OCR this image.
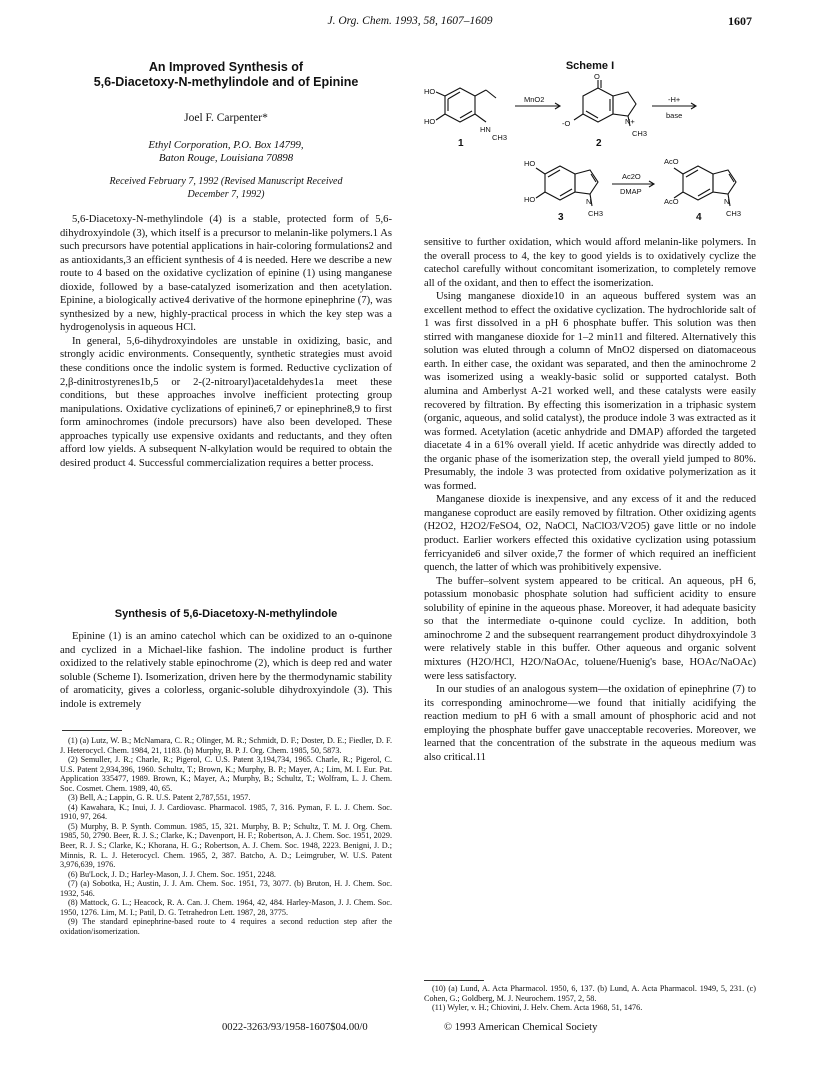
J. Org. Chem. 1993, 58, 1607–1609	1607
An Improved Synthesis of
5,6-Diacetoxy-N-methylindole and of Epinine
Joel F. Carpenter*
Ethyl Corporation, P.O. Box 14799,
Baton Rouge, Louisiana 70898
Received February 7, 1992 (Revised Manuscript Received
December 7, 1992)

5,6-Diacetoxy-N-methylindole (4) is a stable, protected form of 5,6-dihydroxyindole (3), which itself is a precursor to melanin-like polymers.1 As such precursors have potential applications in hair-coloring formulations2 and as antioxidants,3 an efficient synthesis of 4 is needed. Here we describe a new route to 4 based on the oxidative cyclization of epinine (1) using manganese dioxide, followed by a base-catalyzed isomerization and then acetylation. Epinine, a biologically active4 derivative of the hormone epinephrine (7), was synthesized by a new, highly-practical process in which the key step was a hydrogenolysis in aqueous HCl.

In general, 5,6-dihydroxyindoles are unstable in oxidizing, basic, and strongly acidic environments. Consequently, synthetic strategies must avoid these conditions once the indolic system is formed. Reductive cyclization of 2,β-dinitrostyrenes1b,5 or 2-(2-nitroaryl)acetaldehydes1a meet these conditions, but these approaches involve inefficient protecting group manipulations. Oxidative cyclizations of epinine6,7 or epinephrine8,9 to first form aminochromes (indole precursors) have also been developed. These approaches typically use expensive oxidants and reductants, and they often afford low yields. A subsequent N-alkylation would be required to obtain the desired product 4. Successful commercialization requires a better process.

Synthesis of 5,6-Diacetoxy-N-methylindole

Epinine (1) is an amino catechol which can be oxidized to an o-quinone and cyclized in a Michael-like fashion. The indoline product is further oxidized to the relatively stable epinochrome (2), which is deep red and water soluble (Scheme I). Isomerization, driven here by the thermodynamic stability of aromaticity, gives a colorless, organic-soluble dihydroxyindole (3). This indole is extremely

(1) (a) Lutz, W. B.; McNamara, C. R.; Olinger, M. R.; Schmidt, D. F.; Doster, D. E.; Fiedler, D. F. J. Heterocycl. Chem. 1984, 21, 1183. (b) Murphy, B. P. J. Org. Chem. 1985, 50, 5873.

(2) Semuller, J. R.; Charle, R.; Pigerol, C. U.S. Patent 3,194,734, 1965. Charle, R.; Pigerol, C. U.S. Patent 2,934,396, 1960. Schultz, T.; Brown, K.; Murphy, B. P.; Mayer, A.; Lim, M. I. Eur. Pat. Application 335477, 1989. Brown, K.; Mayer, A.; Murphy, B.; Schultz, T.; Wolfram, L. J. Chem. Soc. Cosmet. Chem. 1989, 40, 65.

(3) Bell, A.; Lappin, G. R. U.S. Patent 2,787,551, 1957.

(4) Kawahara, K.; Inui, J. J. Cardiovasc. Pharmacol. 1985, 7, 316. Pyman, F. L. J. Chem. Soc. 1910, 97, 264.

(5) Murphy, B. P. Synth. Commun. 1985, 15, 321. Murphy, B. P.; Schultz, T. M. J. Org. Chem. 1985, 50, 2790. Beer, R. J. S.; Clarke, K.; Davenport, H. F.; Robertson, A. J. Chem. Soc. 1951, 2029. Beer, R. J. S.; Clarke, K.; Khorana, H. G.; Robertson, A. J. Chem. Soc. 1948, 2223. Benigni, J. D.; Minnis, R. L. J. Heterocycl. Chem. 1965, 2, 387. Batcho, A. D.; Leimgruber, W. U.S. Patent 3,976,639, 1976.

(6) Bu'Lock, J. D.; Harley-Mason, J. J. Chem. Soc. 1951, 2248.

(7) (a) Sobotka, H.; Austin, J. J. Am. Chem. Soc. 1951, 73, 3077. (b) Bruton, H. J. Chem. Soc. 1932, 546.

(8) Mattock, G. L.; Heacock, R. A. Can. J. Chem. 1964, 42, 484. Harley-Mason, J. J. Chem. Soc. 1950, 1276. Lim, M. I.; Patil, D. G. Tetrahedron Lett. 1987, 28, 3775.

(9) The standard epinephrine-based route to 4 requires a second reduction step after the oxidation/isomerization.

Scheme I
HO
HO
HN
CH3
1
MnO2
O
-O	N+
CH3
2
-H+
base
HO
HO	N
CH3
3
Ac2O
DMAP
AcO
AcO	N
CH3
4

sensitive to further oxidation, which would afford melanin-like polymers. In the overall process to 4, the key to good yields is to oxidatively cyclize the catechol carefully without concomitant isomerization, to completely remove all of the oxidant, and then to effect the isomerization.

Using manganese dioxide10 in an aqueous buffered system was an excellent method to effect the oxidative cyclization. The hydrochloride salt of 1 was first dissolved in a pH 6 phosphate buffer. This solution was then stirred with manganese dioxide for 1–2 min11 and filtered. Alternatively this solution was eluted through a column of MnO2 dispersed on diatomaceous earth. In either case, the oxidant was separated, and then the aminochrome 2 was isomerized using a weakly-basic solid or supported catalyst. Both alumina and Amberlyst A-21 worked well, and these catalysts were easily recovered by filtration. By effecting this isomerization in a triphasic system (organic, aqueous, and solid catalyst), the produce indole 3 was extracted as it was formed. Acetylation (acetic anhydride and DMAP) afforded the targeted diacetate 4 in a 61% overall yield. If acetic anhydride was directly added to the organic phase of the isomerization step, the overall yield jumped to 80%. Presumably, the indole 3 was protected from oxidative polymerization as it was formed.

Manganese dioxide is inexpensive, and any excess of it and the reduced manganese coproduct are easily removed by filtration. Other oxidizing agents (H2O2, H2O2/FeSO4, O2, NaOCl, NaClO3/V2O5) gave little or no indole product. Earlier workers effected this oxidative cyclization using potassium ferricyanide6 and silver oxide,7 the former of which required an inefficient quench, the latter of which was prohibitively expensive.

The buffer–solvent system appeared to be critical. An aqueous, pH 6, potassium monobasic phosphate solution had sufficient acidity to ensure solubility of epinine in the aqueous phase. Moreover, it had adequate basicity so that the intermediate o-quinone could cyclize. In addition, both aminochrome 2 and the subsequent rearrangement product dihydroxyindole 3 were relatively stable in this buffer. Other aqueous and organic solvent mixtures (H2O/HCl, H2O/NaOAc, toluene/Huenig's base, HOAc/NaOAc) were less satisfactory.

In our studies of an analogous system—the oxidation of epinephrine (7) to its corresponding aminochrome—we found that initially acidifying the reaction medium to pH 6 with a small amount of phosphoric acid and not employing the phosphate buffer gave unacceptable recoveries. Moreover, we learned that the concentration of the substrate in the aqueous medium was also critical.11

(10) (a) Lund, A. Acta Pharmacol. 1950, 6, 137. (b) Lund, A. Acta Pharmacol. 1949, 5, 231. (c) Cohen, G.; Goldberg, M. J. Neurochem. 1957, 2, 58.

(11) Wyler, v. H.; Chiovini, J. Helv. Chem. Acta 1968, 51, 1476.

0022-3263/93/1958-1607$04.00/0	© 1993 American Chemical Society
